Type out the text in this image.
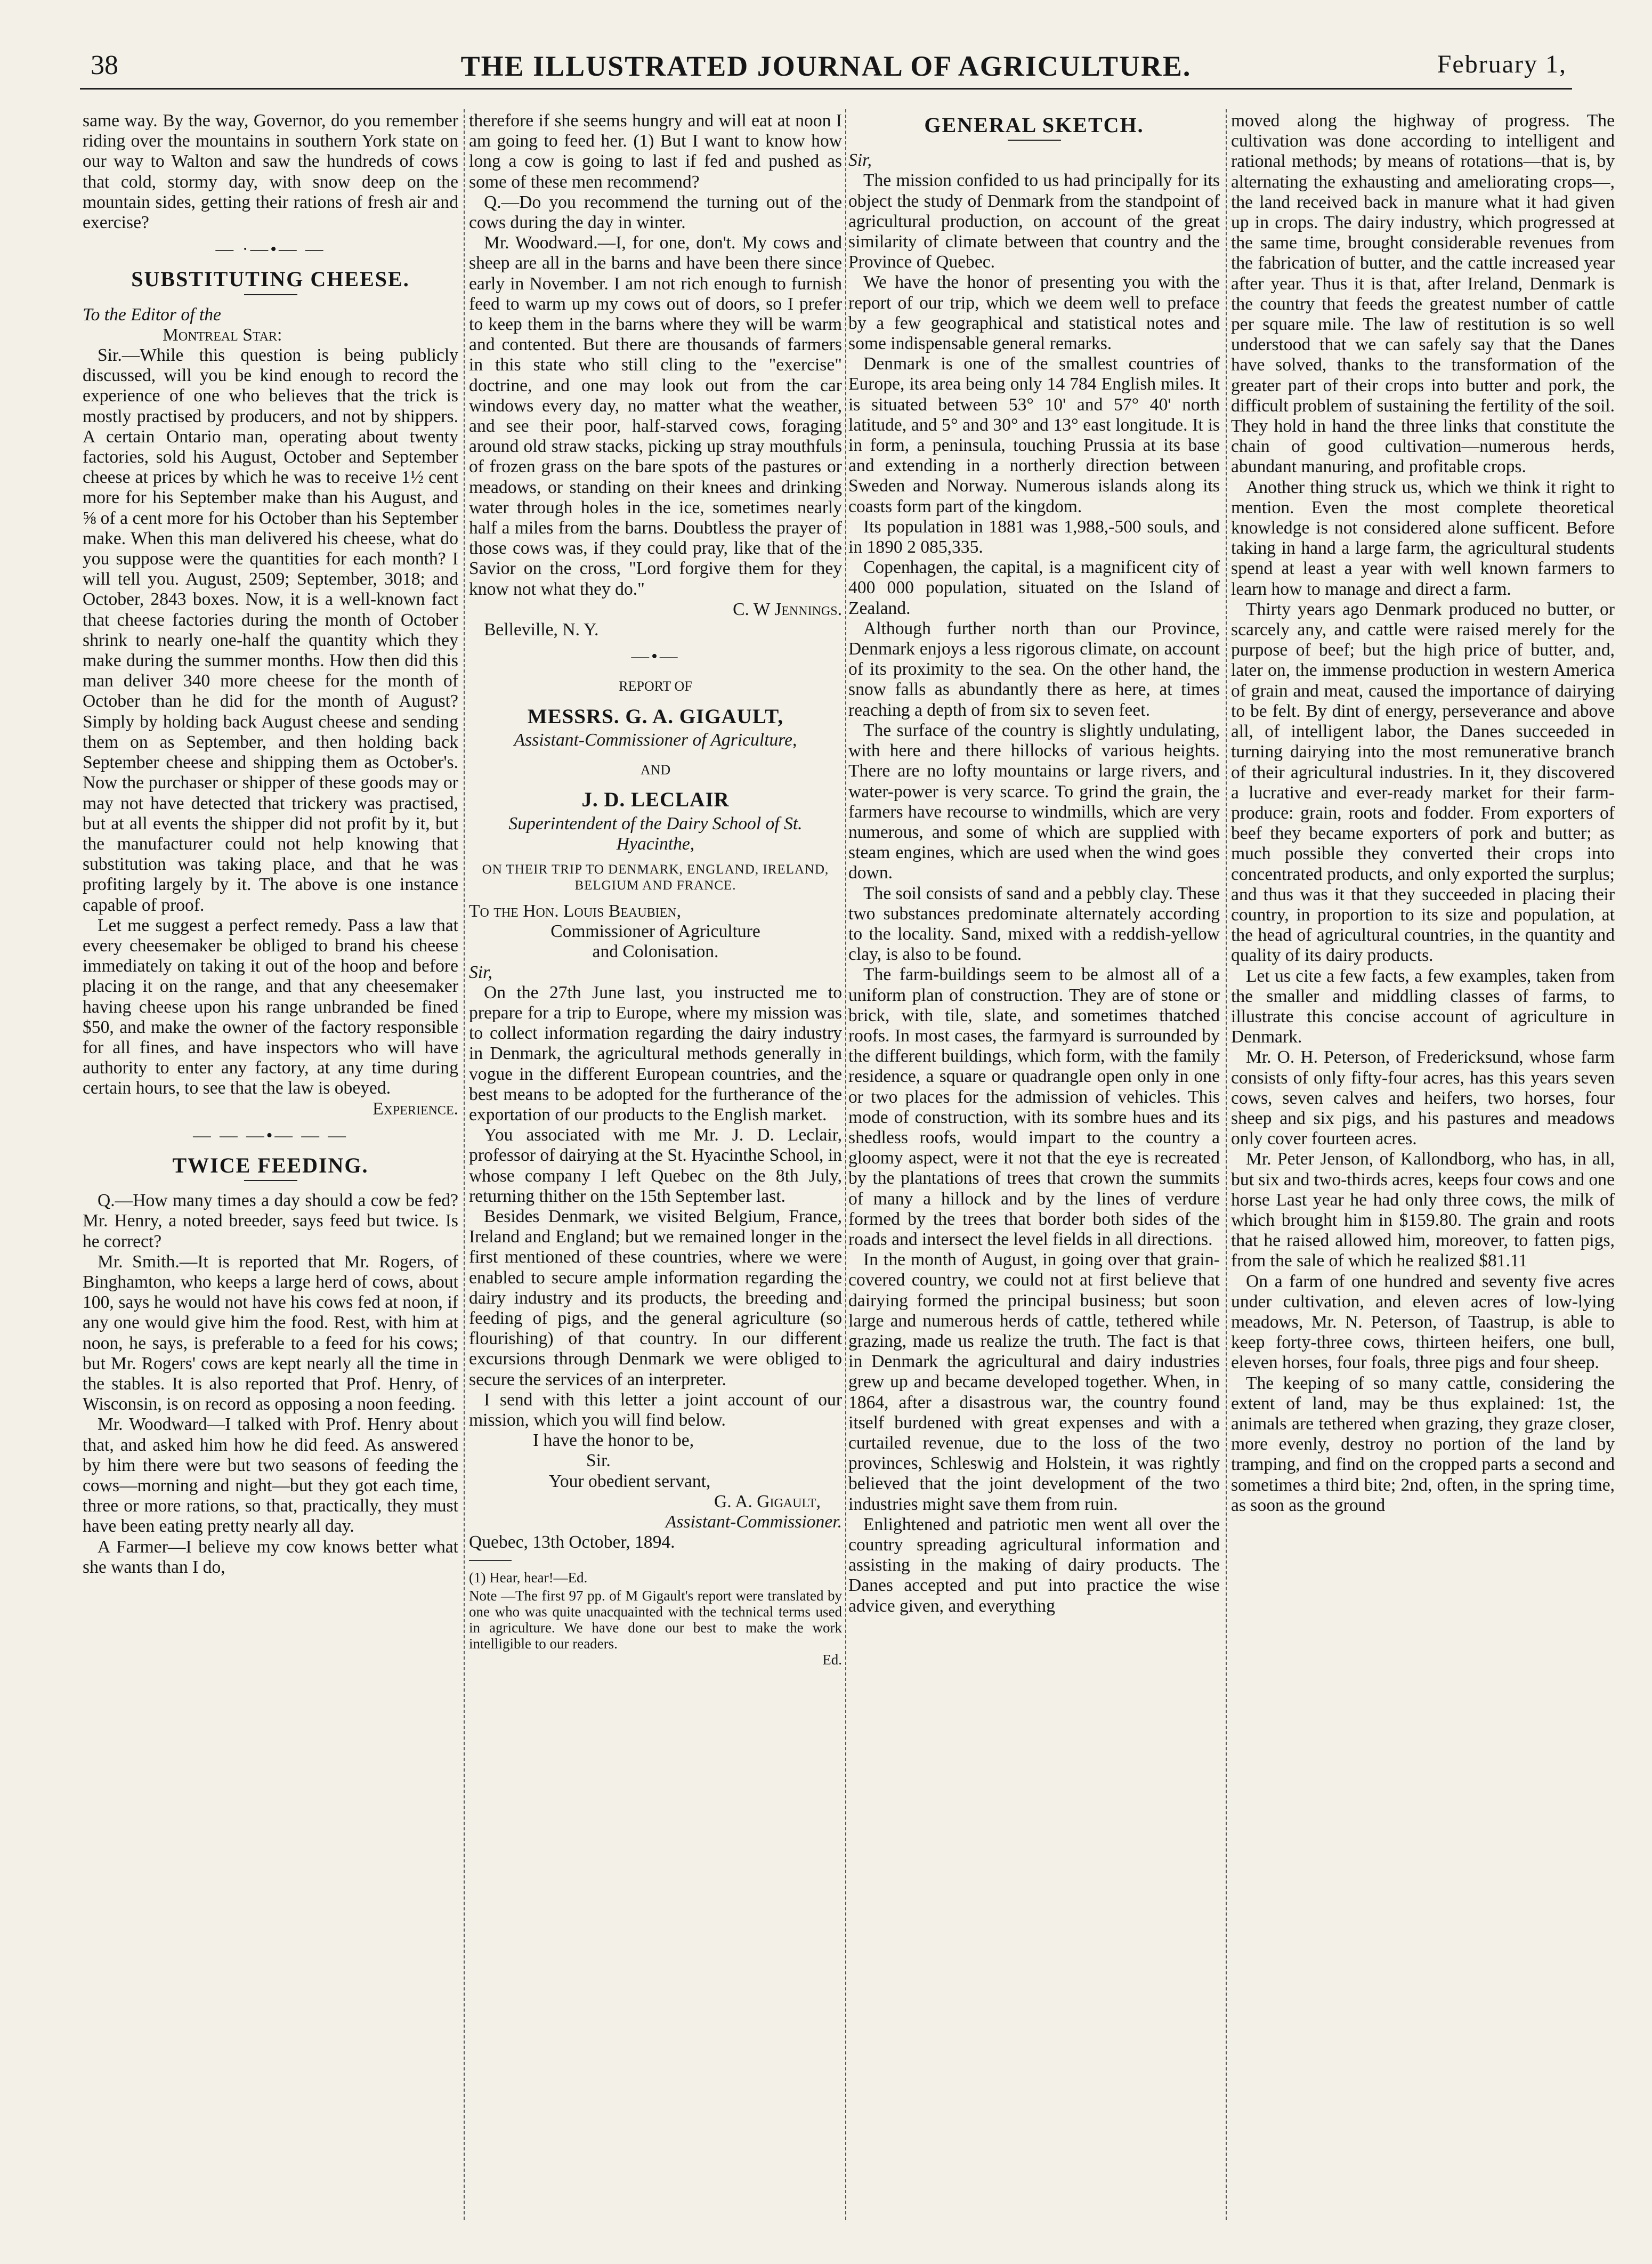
38	THE ILLUSTRATED JOURNAL OF AGRICULTURE.	February 1,

same way. By the way, Governor, do you remember riding over the mountains in southern York state on our way to Walton and saw the hundreds of cows that cold, stormy day, with snow deep on the mountain sides, getting their rations of fresh air and exercise?

— ·—•— —
SUBSTITUTING CHEESE.

To the Editor of the

Montreal Star:

Sir.—While this question is being publicly discussed, will you be kind enough to record the experience of one who believes that the trick is mostly practised by producers, and not by shippers. A certain Ontario man, operating about twenty factories, sold his August, October and September cheese at prices by which he was to receive 1½ cent more for his September make than his August, and ⅝ of a cent more for his October than his September make. When this man delivered his cheese, what do you suppose were the quantities for each month? I will tell you. August, 2509; September, 3018; and October, 2843 boxes. Now, it is a well-known fact that cheese factories during the month of October shrink to nearly one-half the quantity which they make during the summer months. How then did this man deliver 340 more cheese for the month of October than he did for the month of August? Simply by holding back August cheese and sending them on as September, and then holding back September cheese and shipping them as October's. Now the purchaser or shipper of these goods may or may not have detected that trickery was practised, but at all events the shipper did not profit by it, but the manufacturer could not help knowing that substitution was taking place, and that he was profiting largely by it. The above is one instance capable of proof.

Let me suggest a perfect remedy. Pass a law that every cheesemaker be obliged to brand his cheese immediately on taking it out of the hoop and before placing it on the range, and that any cheesemaker having cheese upon his range unbranded be fined $50, and make the owner of the factory responsible for all fines, and have inspectors who will have authority to enter any factory, at any time during certain hours, to see that the law is obeyed.

Experience.

— — —•— — —
TWICE FEEDING.

Q.—How many times a day should a cow be fed? Mr. Henry, a noted breeder, says feed but twice. Is he correct?

Mr. Smith.—It is reported that Mr. Rogers, of Binghamton, who keeps a large herd of cows, about 100, says he would not have his cows fed at noon, if any one would give him the food. Rest, with him at noon, he says, is preferable to a feed for his cows; but Mr. Rogers' cows are kept nearly all the time in the stables. It is also reported that Prof. Henry, of Wisconsin, is on record as opposing a noon feeding.

Mr. Woodward—I talked with Prof. Henry about that, and asked him how he did feed. As answered by him there were but two seasons of feeding the cows—morning and night—but they got each time, three or more rations, so that, practically, they must have been eating pretty nearly all day.

A Farmer—I believe my cow knows better what she wants than I do,

therefore if she seems hungry and will eat at noon I am going to feed her. (1) But I want to know how long a cow is going to last if fed and pushed as some of these men recommend?

Q.—Do you recommend the turning out of the cows during the day in winter.

Mr. Woodward.—I, for one, don't. My cows and sheep are all in the barns and have been there since early in November. I am not rich enough to furnish feed to warm up my cows out of doors, so I prefer to keep them in the barns where they will be warm and contented. But there are thousands of farmers in this state who still cling to the "exercise" doctrine, and one may look out from the car windows every day, no matter what the weather, and see their poor, half-starved cows, foraging around old straw stacks, picking up stray mouthfuls of frozen grass on the bare spots of the pastures or meadows, or standing on their knees and drinking water through holes in the ice, sometimes nearly half a miles from the barns. Doubtless the prayer of those cows was, if they could pray, like that of the Savior on the cross, "Lord forgive them for they know not what they do."

C. W Jennings.

Belleville, N. Y.

—•—
REPORT OF
MESSRS. G. A. GIGAULT,
Assistant-Commissioner of Agriculture,
AND
J. D. LECLAIR
Superintendent of the Dairy School of St. Hyacinthe,
ON THEIR TRIP TO DENMARK, ENGLAND, IRELAND, BELGIUM AND FRANCE.

To the Hon. Louis Beaubien,

Commissioner of Agriculture

and Colonisation.

Sir,

On the 27th June last, you instructed me to prepare for a trip to Europe, where my mission was to collect information regarding the dairy industry in Denmark, the agricultural methods generally in vogue in the different European countries, and the best means to be adopted for the furtherance of the exportation of our products to the English market.

You associated with me Mr. J. D. Leclair, professor of dairying at the St. Hyacinthe School, in whose company I left Quebec on the 8th July, returning thither on the 15th September last.

Besides Denmark, we visited Belgium, France, Ireland and England; but we remained longer in the first mentioned of these countries, where we were enabled to secure ample information regarding the dairy industry and its products, the breeding and feeding of pigs, and the general agriculture (so flourishing) of that country. In our different excursions through Denmark we were obliged to secure the services of an interpreter.

I send with this letter a joint account of our mission, which you will find below.

I have the honor to be,

Sir.

Your obedient servant,

G. A. Gigault,

Assistant-Commissioner.

Quebec, 13th October, 1894.

(1) Hear, hear!—Ed.

Note —The first 97 pp. of M Gigault's report were translated by one who was quite unacquainted with the technical terms used in agriculture. We have done our best to make the work intelligible to our readers.

Ed.

GENERAL SKETCH.

Sir,

The mission confided to us had principally for its object the study of Denmark from the standpoint of agricultural production, on account of the great similarity of climate between that country and the Province of Quebec.

We have the honor of presenting you with the report of our trip, which we deem well to preface by a few geographical and statistical notes and some indispensable general remarks.

Denmark is one of the smallest countries of Europe, its area being only 14 784 English miles. It is situated between 53° 10' and 57° 40' north latitude, and 5° and 30° and 13° east longitude. It is in form, a peninsula, touching Prussia at its base and extending in a northerly direction between Sweden and Norway. Numerous islands along its coasts form part of the kingdom.

Its population in 1881 was 1,988,-500 souls, and in 1890 2 085,335.

Copenhagen, the capital, is a magnificent city of 400 000 population, situated on the Island of Zealand.

Although further north than our Province, Denmark enjoys a less rigorous climate, on account of its proximity to the sea. On the other hand, the snow falls as abundantly there as here, at times reaching a depth of from six to seven feet.

The surface of the country is slightly undulating, with here and there hillocks of various heights. There are no lofty mountains or large rivers, and water-power is very scarce. To grind the grain, the farmers have recourse to windmills, which are very numerous, and some of which are supplied with steam engines, which are used when the wind goes down.

The soil consists of sand and a pebbly clay. These two substances predominate alternately according to the locality. Sand, mixed with a reddish-yellow clay, is also to be found.

The farm-buildings seem to be almost all of a uniform plan of construction. They are of stone or brick, with tile, slate, and sometimes thatched roofs. In most cases, the farmyard is surrounded by the different buildings, which form, with the family residence, a square or quadrangle open only in one or two places for the admission of vehicles. This mode of construction, with its sombre hues and its shedless roofs, would impart to the country a gloomy aspect, were it not that the eye is recreated by the plantations of trees that crown the summits of many a hillock and by the lines of verdure formed by the trees that border both sides of the roads and intersect the level fields in all directions.

In the month of August, in going over that grain-covered country, we could not at first believe that dairying formed the principal business; but soon large and numerous herds of cattle, tethered while grazing, made us realize the truth. The fact is that in Denmark the agricultural and dairy industries grew up and became developed together. When, in 1864, after a disastrous war, the country found itself burdened with great expenses and with a curtailed revenue, due to the loss of the two provinces, Schleswig and Holstein, it was rightly believed that the joint development of the two industries might save them from ruin.

Enlightened and patriotic men went all over the country spreading agricultural information and assisting in the making of dairy products. The Danes accepted and put into practice the wise advice given, and everything

moved along the highway of progress. The cultivation was done according to intelligent and rational methods; by means of rotations—that is, by alternating the exhausting and ameliorating crops—, the land received back in manure what it had given up in crops. The dairy industry, which progressed at the same time, brought considerable revenues from the fabrication of butter, and the cattle increased year after year. Thus it is that, after Ireland, Denmark is the country that feeds the greatest number of cattle per square mile. The law of restitution is so well understood that we can safely say that the Danes have solved, thanks to the transformation of the greater part of their crops into butter and pork, the difficult problem of sustaining the fertility of the soil. They hold in hand the three links that constitute the chain of good cultivation—numerous herds, abundant manuring, and profitable crops.

Another thing struck us, which we think it right to mention. Even the most complete theoretical knowledge is not considered alone sufficent. Before taking in hand a large farm, the agricultural students spend at least a year with well known farmers to learn how to manage and direct a farm.

Thirty years ago Denmark produced no butter, or scarcely any, and cattle were raised merely for the purpose of beef; but the high price of butter, and, later on, the immense production in western America of grain and meat, caused the importance of dairying to be felt. By dint of energy, perseverance and above all, of intelligent labor, the Danes succeeded in turning dairying into the most remunerative branch of their agricultural industries. In it, they discovered a lucrative and ever-ready market for their farm-produce: grain, roots and fodder. From exporters of beef they became exporters of pork and butter; as much possible they converted their crops into concentrated products, and only exported the surplus; and thus was it that they succeeded in placing their country, in proportion to its size and population, at the head of agricultural countries, in the quantity and quality of its dairy products.

Let us cite a few facts, a few examples, taken from the smaller and middling classes of farms, to illustrate this concise account of agriculture in Denmark.

Mr. O. H. Peterson, of Fredericksund, whose farm consists of only fifty-four acres, has this years seven cows, seven calves and heifers, two horses, four sheep and six pigs, and his pastures and meadows only cover fourteen acres.

Mr. Peter Jenson, of Kallondborg, who has, in all, but six and two-thirds acres, keeps four cows and one horse Last year he had only three cows, the milk of which brought him in $159.80. The grain and roots that he raised allowed him, moreover, to fatten pigs, from the sale of which he realized $81.11

On a farm of one hundred and seventy five acres under cultivation, and eleven acres of low-lying meadows, Mr. N. Peterson, of Taastrup, is able to keep forty-three cows, thirteen heifers, one bull, eleven horses, four foals, three pigs and four sheep.

The keeping of so many cattle, considering the extent of land, may be thus explained: 1st, the animals are tethered when grazing, they graze closer, more evenly, destroy no portion of the land by tramping, and find on the cropped parts a second and sometimes a third bite; 2nd, often, in the spring time, as soon as the ground
